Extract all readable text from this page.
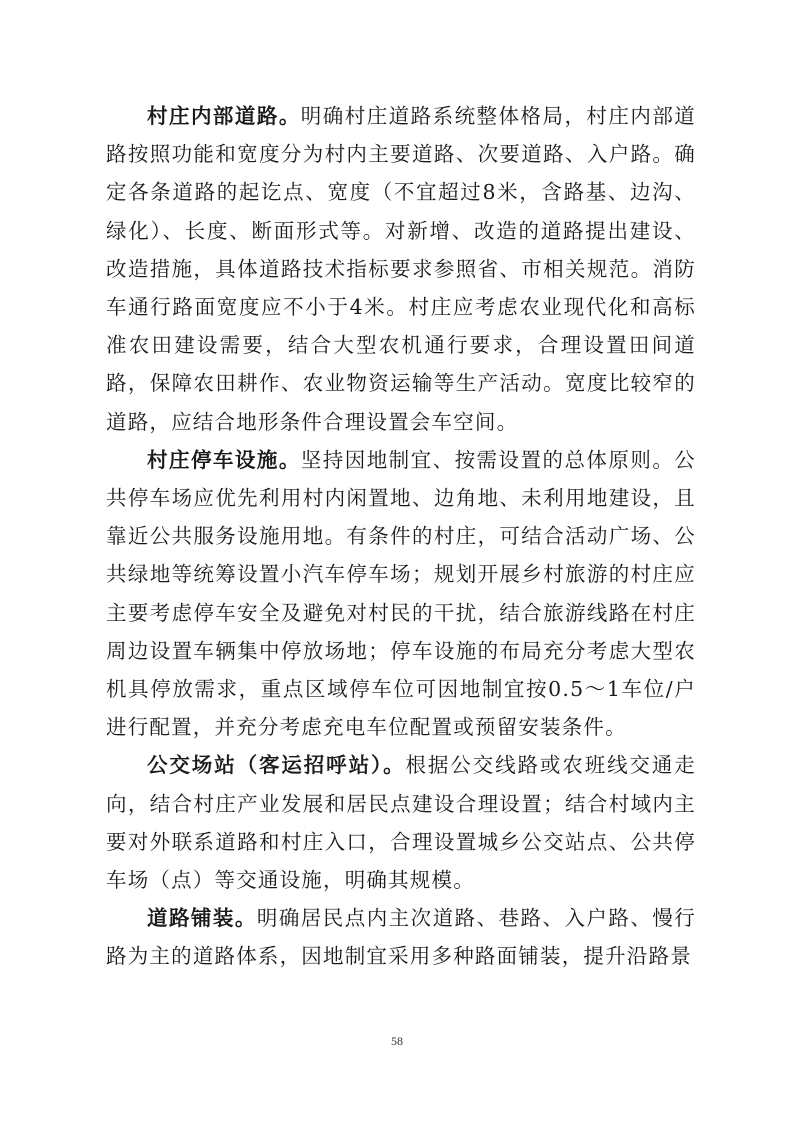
村庄内部道路。明确村庄道路系统整体格局，村庄内部道路按照功能和宽度分为村内主要道路、次要道路、入户路。确定各条道路的起讫点、宽度（不宜超过8米，含路基、边沟、绿化）、长度、断面形式等。对新增、改造的道路提出建设、改造措施，具体道路技术指标要求参照省、市相关规范。消防车通行路面宽度应不小于4米。村庄应考虑农业现代化和高标准农田建设需要，结合大型农机通行要求，合理设置田间道路，保障农田耕作、农业物资运输等生产活动。宽度比较窄的道路，应结合地形条件合理设置会车空间。

村庄停车设施。坚持因地制宜、按需设置的总体原则。公共停车场应优先利用村内闲置地、边角地、未利用地建设，且靠近公共服务设施用地。有条件的村庄，可结合活动广场、公共绿地等统筹设置小汽车停车场；规划开展乡村旅游的村庄应主要考虑停车安全及避免对村民的干扰，结合旅游线路在村庄周边设置车辆集中停放场地；停车设施的布局充分考虑大型农机具停放需求，重点区域停车位可因地制宜按0.5～1车位/户进行配置，并充分考虑充电车位配置或预留安装条件。

公交场站（客运招呼站）。根据公交线路或农班线交通走向，结合村庄产业发展和居民点建设合理设置；结合村域内主要对外联系道路和村庄入口，合理设置城乡公交站点、公共停车场（点）等交通设施，明确其规模。

道路铺装。明确居民点内主次道路、巷路、入户路、慢行路为主的道路体系，因地制宜采用多种路面铺装，提升沿路景

58
